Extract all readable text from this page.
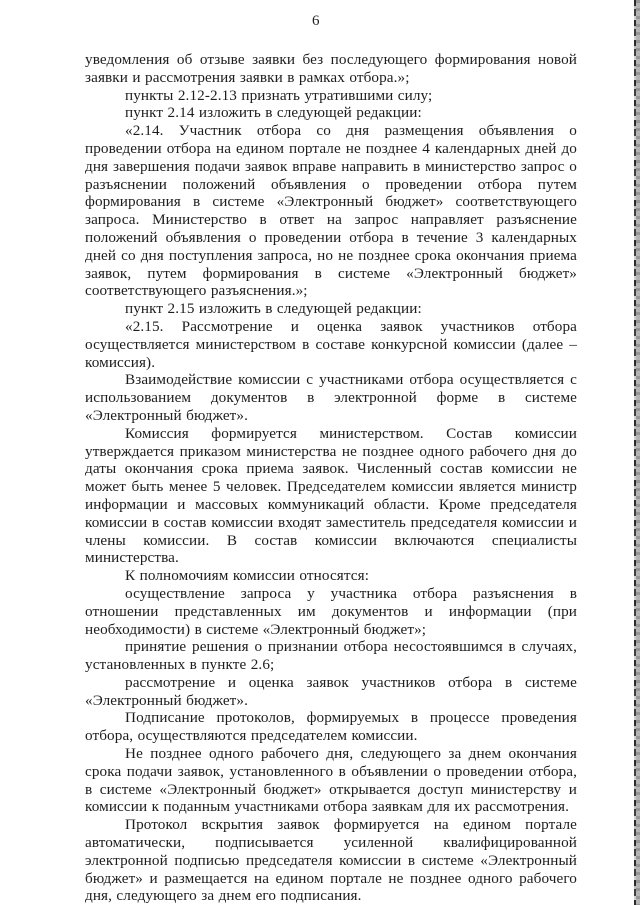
6

уведомления об отзыве заявки без последующего формирования новой заявки и рассмотрения заявки в рамках отбора.»;

пункты 2.12-2.13 признать утратившими силу;

пункт 2.14 изложить в следующей редакции:

«2.14. Участник отбора со дня размещения объявления о проведении отбора на едином портале не позднее 4 календарных дней до дня завершения подачи заявок вправе направить в министерство запрос о разъяснении положений объявления о проведении отбора путем формирования в системе «Электронный бюджет» соответствующего запроса. Министерство в ответ на запрос направляет разъяснение положений объявления о проведении отбора в течение 3 календарных дней со дня поступления запроса, но не позднее срока окончания приема заявок, путем формирования в системе «Электронный бюджет» соответствующего разъяснения.»;

пункт 2.15 изложить в следующей редакции:

«2.15. Рассмотрение и оценка заявок участников отбора осуществляется министерством в составе конкурсной комиссии (далее – комиссия).

Взаимодействие комиссии с участниками отбора осуществляется с использованием документов в электронной форме в системе «Электронный бюджет».

Комиссия формируется министерством. Состав комиссии утверждается приказом министерства не позднее одного рабочего дня до даты окончания срока приема заявок. Численный состав комиссии не может быть менее 5 человек. Председателем комиссии является министр информации и массовых коммуникаций области. Кроме председателя комиссии в состав комиссии входят заместитель председателя комиссии и члены комиссии. В состав комиссии включаются специалисты министерства.

К полномочиям комиссии относятся:

осуществление запроса у участника отбора разъяснения в отношении представленных им документов и информации (при необходимости) в системе «Электронный бюджет»;

принятие решения о признании отбора несостоявшимся в случаях, установленных в пункте 2.6;

рассмотрение и оценка заявок участников отбора в системе «Электронный бюджет».

Подписание протоколов, формируемых в процессе проведения отбора, осуществляются председателем комиссии.

Не позднее одного рабочего дня, следующего за днем окончания срока подачи заявок, установленного в объявлении о проведении отбора, в системе «Электронный бюджет» открывается доступ министерству и комиссии к поданным участниками отбора заявкам для их рассмотрения.

Протокол вскрытия заявок формируется на едином портале автоматически, подписывается усиленной квалифицированной электронной подписью председателя комиссии в системе «Электронный бюджет» и размещается на едином портале не позднее одного рабочего дня, следующего за днем его подписания.
